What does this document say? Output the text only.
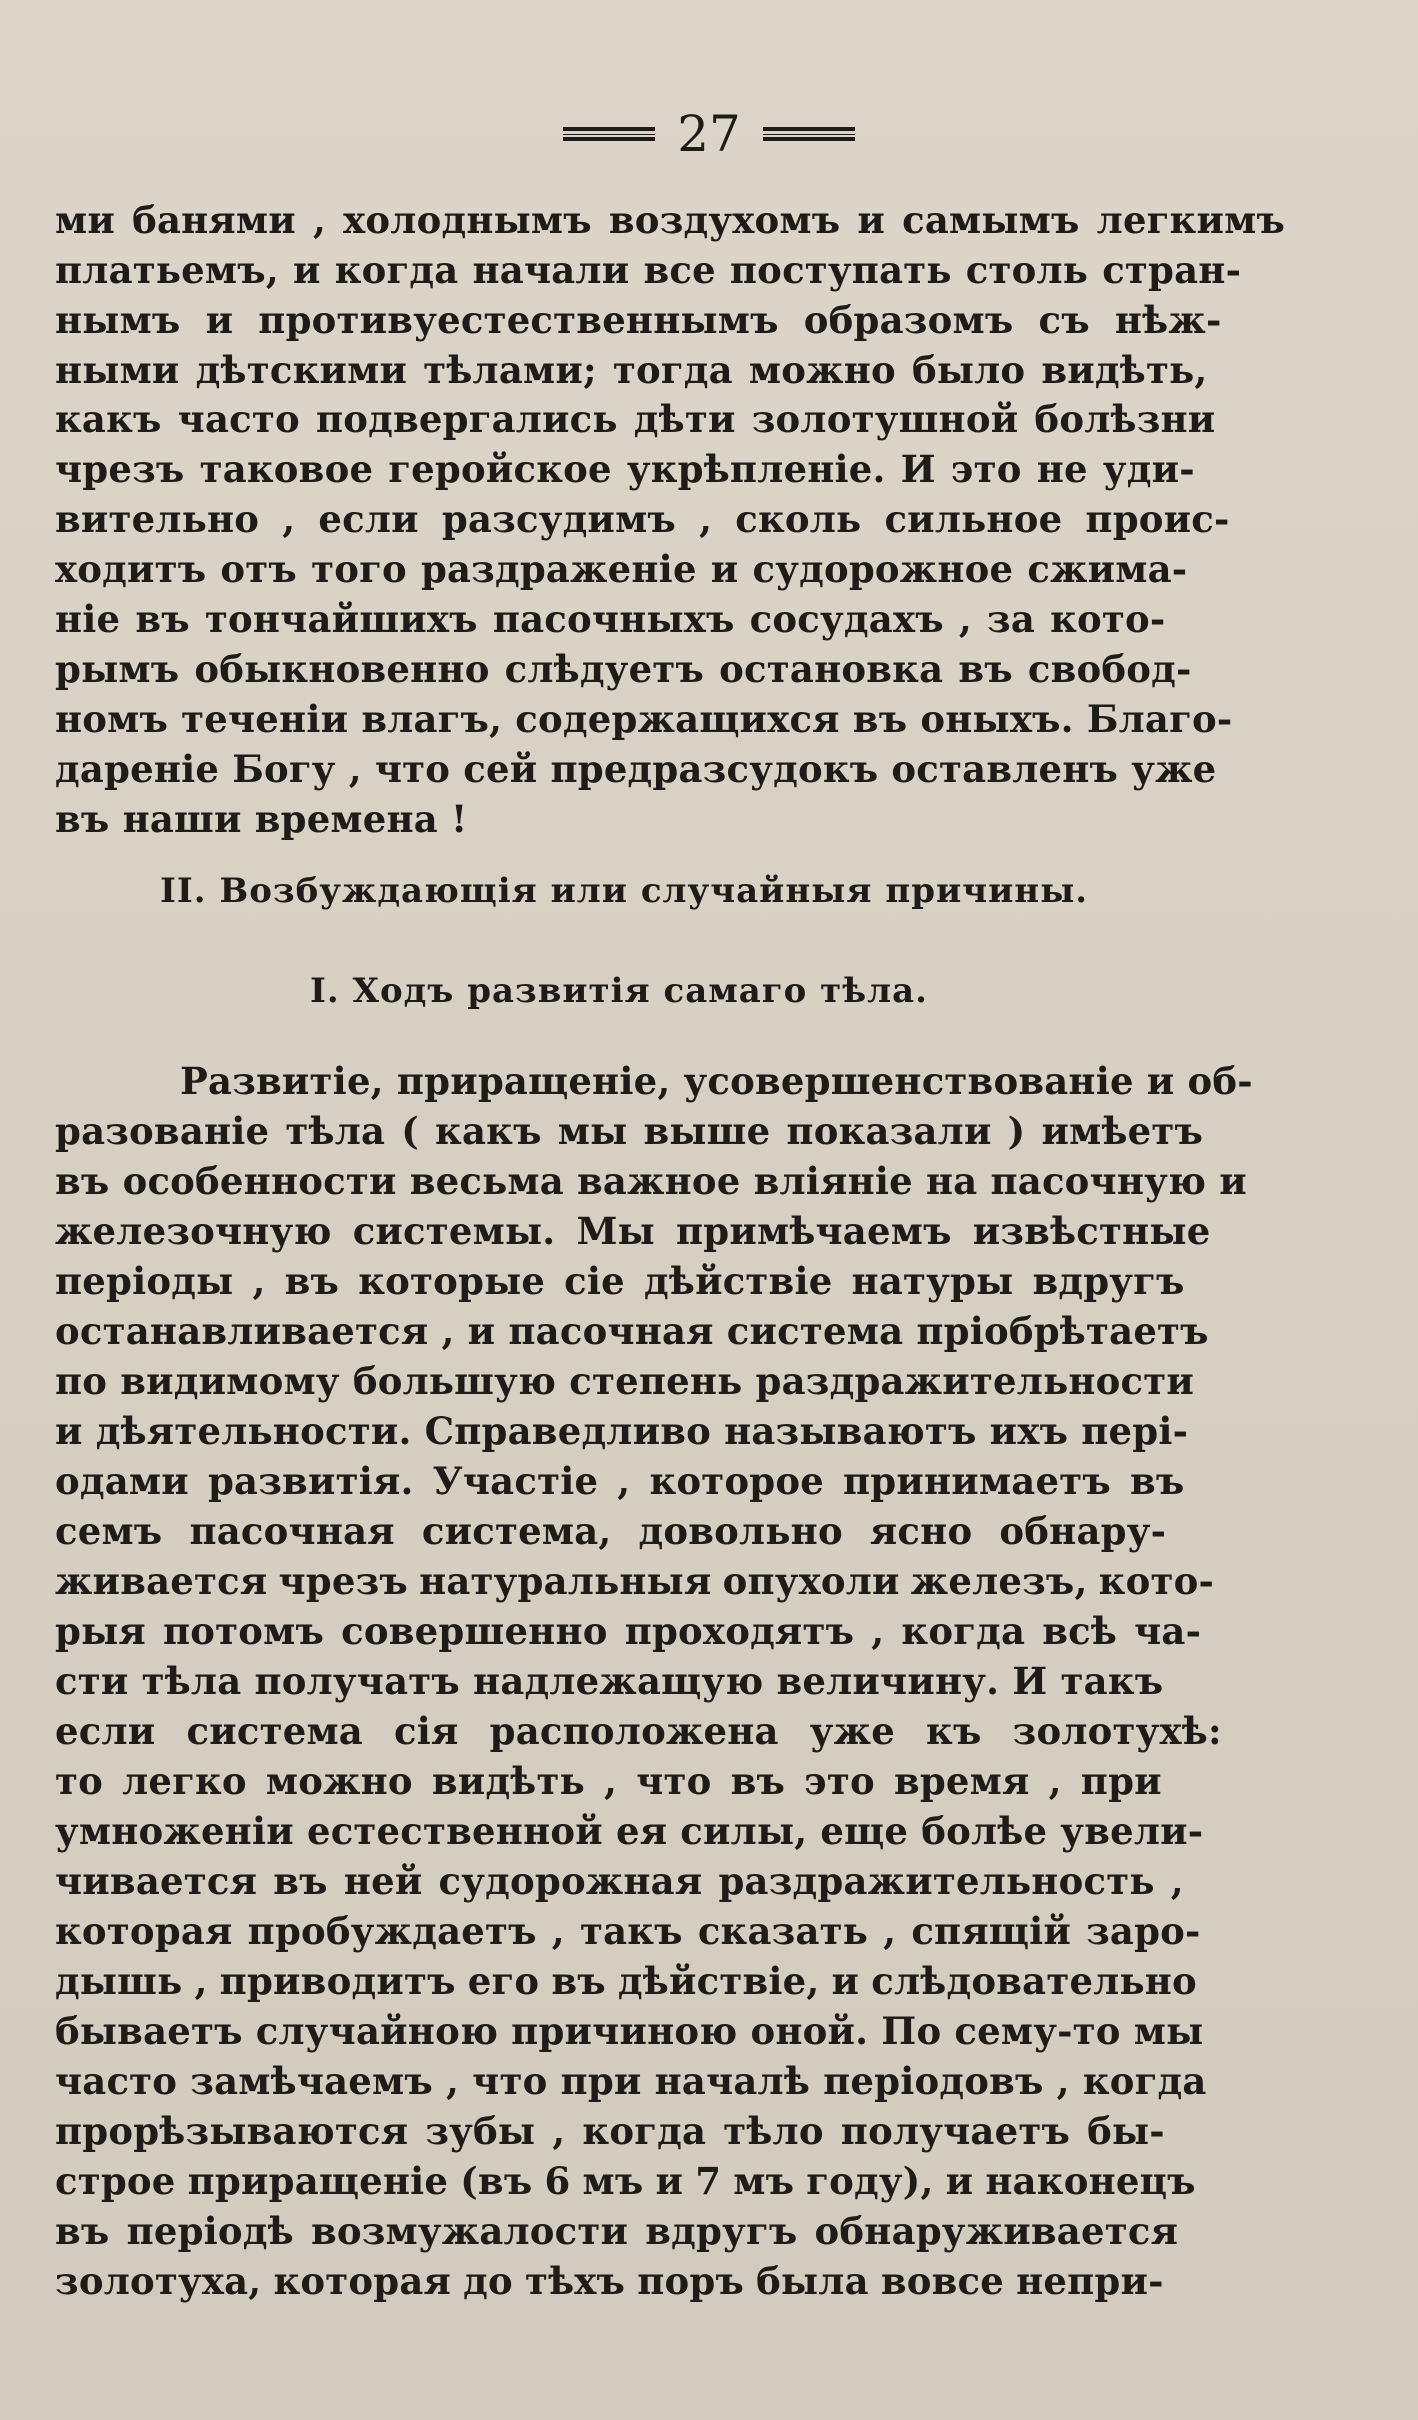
27
ми банями , холоднымъ воздухомъ и самымъ легкимъ
платьемъ, и когда начали все поступать столь стран-
нымъ и противуестественнымъ образомъ съ нѣж-
ными дѣтскими тѣлами; тогда можно было видѣть,
какъ часто подвергались дѣти золотушной болѣзни
чрезъ таковое геройское укрѣпленіе. И это не уди-
вительно , если разсудимъ , сколь сильное проис-
ходитъ отъ того раздраженіе и судорожное сжима-
ніе въ тончайшихъ пасочныхъ сосудахъ , за кото-
рымъ обыкновенно слѣдуетъ остановка въ свобод-
номъ теченіи влагъ, содержащихся въ оныхъ. Благо-
дареніе Богу , что сей предразсудокъ оставленъ уже
въ наши времена !
II. Возбуждающія или случайныя причины.
I. Ходъ развитія самаго тѣла.
Развитіе, приращеніе, усовершенствованіе и об-
разованіе тѣла ( какъ мы выше показали ) имѣетъ
въ особенности весьма важное вліяніе на пасочную и
железочную системы. Мы примѣчаемъ извѣстные
періоды , въ которые сіе дѣйствіе натуры вдругъ
останавливается , и пасочная система пріобрѣтаетъ
по видимому большую степень раздражительности
и дѣятельности. Справедливо называютъ ихъ пері-
одами развитія. Участіе , которое принимаетъ въ
семъ пасочная система, довольно ясно обнару-
живается чрезъ натуральныя опухоли железъ, кото-
рыя потомъ совершенно проходятъ , когда всѣ ча-
сти тѣла получатъ надлежащую величину. И такъ
если система сія расположена уже къ золотухѣ:
то легко можно видѣть , что въ это время , при
умноженіи естественной ея силы, еще болѣе увели-
чивается въ ней судорожная раздражительность ,
которая пробуждаетъ , такъ сказать , спящій заро-
дышь , приводитъ его въ дѣйствіе, и слѣдовательно
бываетъ случайною причиною оной. По сему-то мы
часто замѣчаемъ , что при началѣ періодовъ , когда
прорѣзываются зубы , когда тѣло получаетъ бы-
строе приращеніе (въ 6 мъ и 7 мъ году), и наконецъ
въ періодѣ возмужалости вдругъ обнаруживается
золотуха, которая до тѣхъ поръ была вовсе непри-
